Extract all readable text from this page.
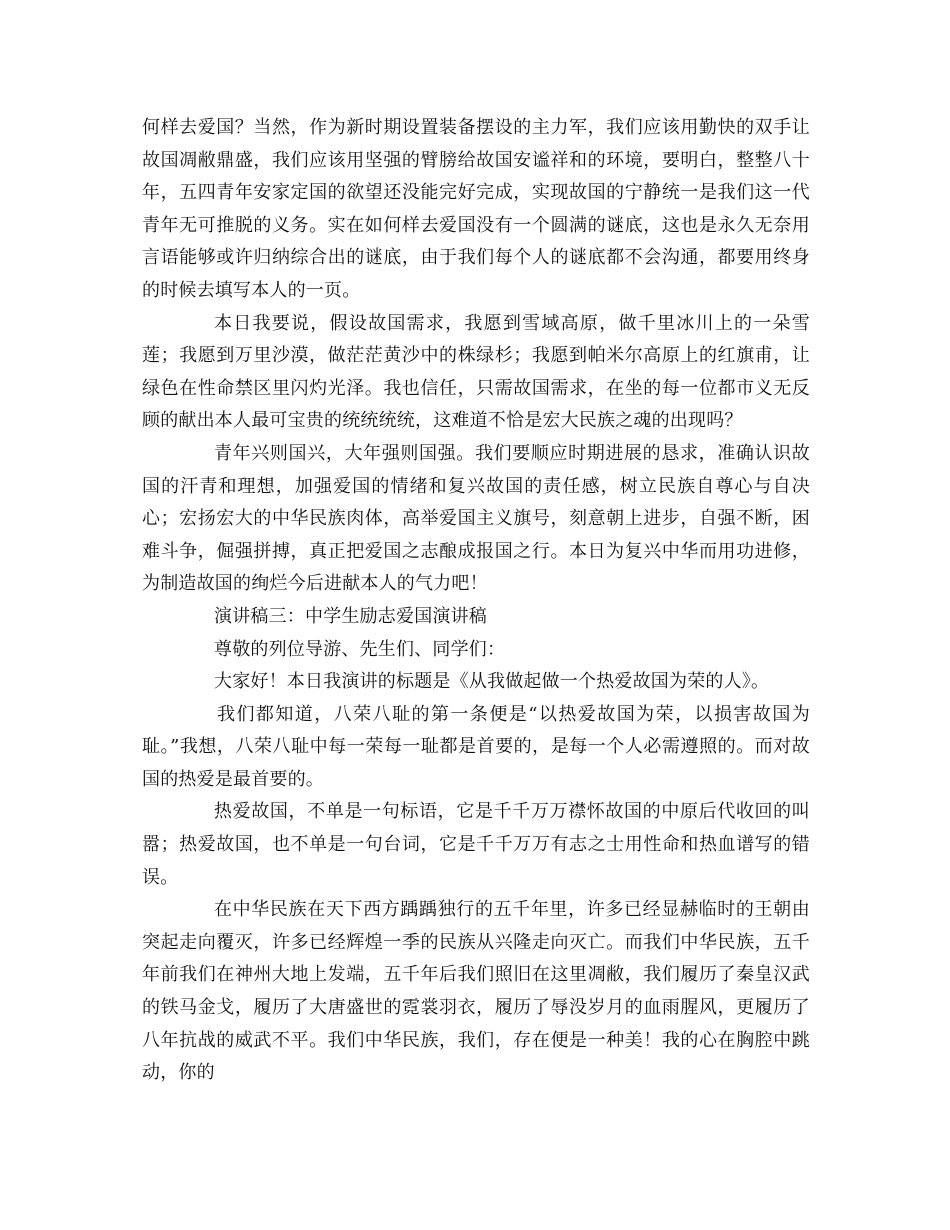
何样去爱国？当然，作为新时期设置装备摆设的主力军，我们应该用勤快的双手让故国凋敝鼎盛，我们应该用坚强的臂膀给故国安谧祥和的环境，要明白，整整八十年，五四青年安家定国的欲望还没能完好完成，实现故国的宁静统一是我们这一代青年无可推脱的义务。实在如何样去爱国没有一个圆满的谜底，这也是永久无奈用言语能够或许归纳综合出的谜底，由于我们每个人的谜底都不会沟通，都要用终身的时候去填写本人的一页。

本日我要说，假设故国需求，我愿到雪域高原，做千里冰川上的一朵雪莲；我愿到万里沙漠，做茫茫黄沙中的株绿杉；我愿到帕米尔高原上的红旗甫，让绿色在性命禁区里闪灼光泽。我也信任，只需故国需求，在坐的每一位都市义无反顾的献出本人最可宝贵的统统统统，这难道不恰是宏大民族之魂的出现吗？

青年兴则国兴，大年强则国强。我们要顺应时期进展的恳求，准确认识故国的汗青和理想，加强爱国的情绪和复兴故国的责任感，树立民族自尊心与自决心；宏扬宏大的中华民族肉体，高举爱国主义旗号，刻意朝上进步，自强不断，困难斗争，倔强拼搏，真正把爱国之志酿成报国之行。本日为复兴中华而用功进修，为制造故国的绚烂今后进献本人的气力吧！

演讲稿三：中学生励志爱国演讲稿

尊敬的列位导游、先生们、同学们：

大家好！本日我演讲的标题是《从我做起做一个热爱故国为荣的人》。

我们都知道，八荣八耻的第一条便是“以热爱故国为荣，以损害故国为耻。”我想，八荣八耻中每一荣每一耻都是首要的，是每一个人必需遵照的。而对故国的热爱是最首要的。

热爱故国，不单是一句标语，它是千千万万襟怀故国的中原后代收回的叫嚣；热爱故国，也不单是一句台词，它是千千万万有志之士用性命和热血谱写的错误。

在中华民族在天下西方踽踽独行的五千年里，许多已经显赫临时的王朝由突起走向覆灭，许多已经辉煌一季的民族从兴隆走向灭亡。而我们中华民族，五千年前我们在神州大地上发端，五千年后我们照旧在这里凋敝，我们履历了秦皇汉武的铁马金戈，履历了大唐盛世的霓裳羽衣，履历了辱没岁月的血雨腥风，更履历了八年抗战的威武不平。我们中华民族，我们，存在便是一种美！我的心在胸腔中跳动，你的
